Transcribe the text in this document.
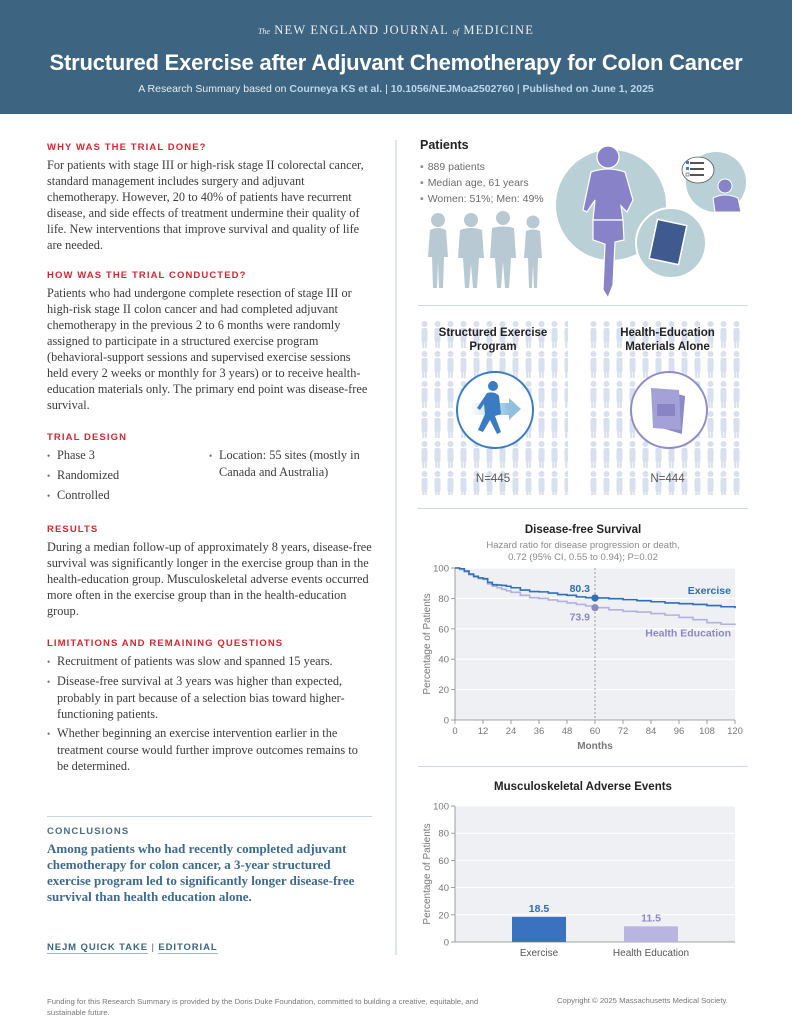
The NEW ENGLAND JOURNAL of MEDICINE
Structured Exercise after Adjuvant Chemotherapy for Colon Cancer
A Research Summary based on Courneya KS et al. | 10.1056/NEJMoa2502760 | Published on June 1, 2025
WHY WAS THE TRIAL DONE?
For patients with stage III or high-risk stage II colorectal cancer, standard management includes surgery and adjuvant chemotherapy. However, 20 to 40% of patients have recurrent disease, and side effects of treatment undermine their quality of life. New interventions that improve survival and quality of life are needed.
HOW WAS THE TRIAL CONDUCTED?
Patients who had undergone complete resection of stage III or high-risk stage II colon cancer and had completed adjuvant chemotherapy in the previous 2 to 6 months were randomly assigned to participate in a structured exercise program (behavioral-support sessions and supervised exercise sessions held every 2 weeks or monthly for 3 years) or to receive health-education materials only. The primary end point was disease-free survival.
TRIAL DESIGN
• Phase 3
• Randomized
• Controlled
• Location: 55 sites (mostly in Canada and Australia)
RESULTS
During a median follow-up of approximately 8 years, disease-free survival was significantly longer in the exercise group than in the health-education group. Musculoskeletal adverse events occurred more often in the exercise group than in the health-education group.
LIMITATIONS AND REMAINING QUESTIONS
• Recruitment of patients was slow and spanned 15 years.
• Disease-free survival at 3 years was higher than expected, probably in part because of a selection bias toward higher-functioning patients.
• Whether beginning an exercise intervention earlier in the treatment course would further improve outcomes remains to be determined.
CONCLUSIONS
Among patients who had recently completed adjuvant chemotherapy for colon cancer, a 3-year structured exercise program led to significantly longer disease-free survival than health education alone.
NEJM QUICK TAKE | EDITORIAL
Patients
• 889 patients
• Median age, 61 years
• Women: 51%; Men: 49%
Structured Exercise
Program
Health-Education
Materials Alone
N=445	N=444
Disease-free Survival
Hazard ratio for disease progression or death,
0.72 (95% CI, 0.55 to 0.94); P=0.02
0
20
40
60
80
100
0 12 24 36 48 60 72 84 96 108 120
Months
Percentage of Patients
80.3
73.9
Exercise
Health Education
Musculoskeletal Adverse Events
0
20
40
60
80
100
Percentage of Patients	18.5
Exercise
11.5
Health Education
Funding for this Research Summary is provided by the Doris Duke Foundation, committed to building a creative, equitable, and sustainable future.
Copyright © 2025 Massachusetts Medical Society.
